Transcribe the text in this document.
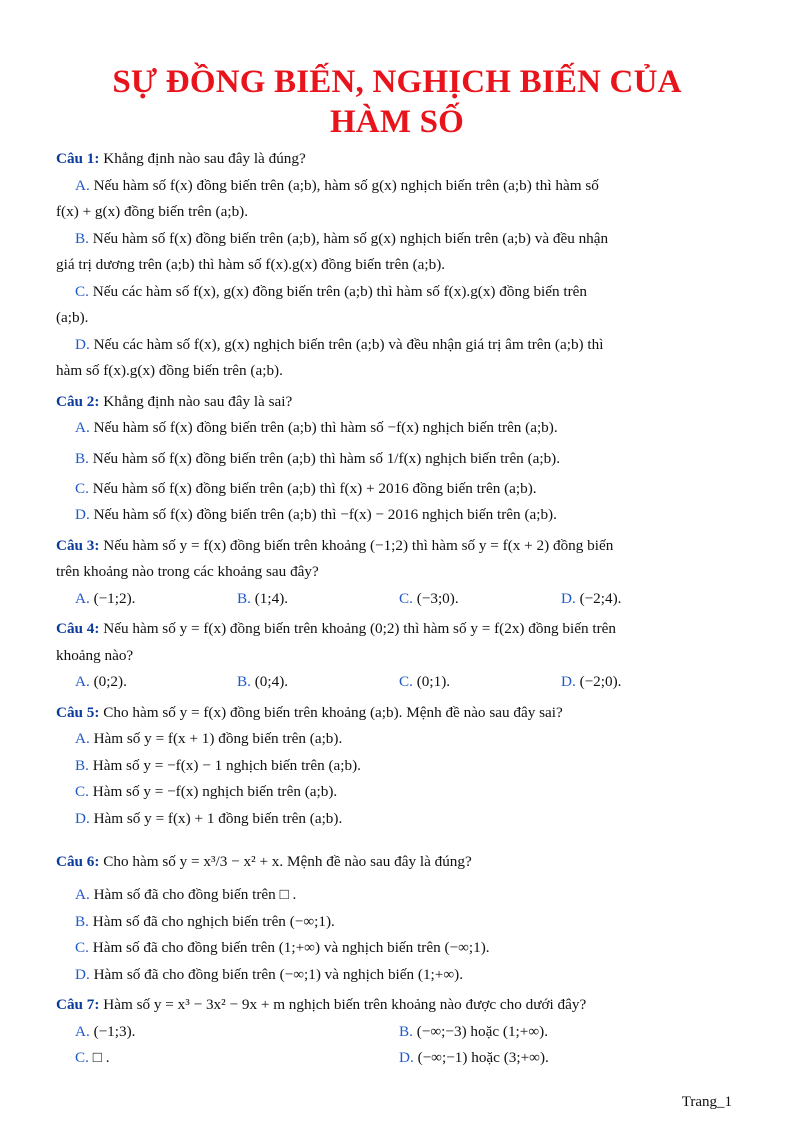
SỰ ĐỒNG BIẾN, NGHỊCH BIẾN CỦA
HÀM SỐ
Câu 1: Khẳng định nào sau đây là đúng?
A. Nếu hàm số f(x) đồng biến trên (a;b), hàm số g(x) nghịch biến trên (a;b) thì hàm số
f(x) + g(x) đồng biến trên (a;b).
B. Nếu hàm số f(x) đồng biến trên (a;b), hàm số g(x) nghịch biến trên (a;b) và đều nhận
giá trị dương trên (a;b) thì hàm số f(x).g(x) đồng biến trên (a;b).
C. Nếu các hàm số f(x), g(x) đồng biến trên (a;b) thì hàm số f(x).g(x) đồng biến trên
(a;b).
D. Nếu các hàm số f(x), g(x) nghịch biến trên (a;b) và đều nhận giá trị âm trên (a;b) thì
hàm số f(x).g(x) đồng biến trên (a;b).
Câu 2: Khẳng định nào sau đây là sai?
A. Nếu hàm số f(x) đồng biến trên (a;b) thì hàm số −f(x) nghịch biến trên (a;b).
B. Nếu hàm số f(x) đồng biến trên (a;b) thì hàm số 1/f(x) nghịch biến trên (a;b).
C. Nếu hàm số f(x) đồng biến trên (a;b) thì f(x) + 2016 đồng biến trên (a;b).
D. Nếu hàm số f(x) đồng biến trên (a;b) thì −f(x) − 2016 nghịch biến trên (a;b).
Câu 3: Nếu hàm số y = f(x) đồng biến trên khoảng (−1;2) thì hàm số y = f(x + 2) đồng biến
trên khoảng nào trong các khoảng sau đây?
A. (−1;2).	B. (1;4).	C. (−3;0).	D. (−2;4).
Câu 4: Nếu hàm số y = f(x) đồng biến trên khoảng (0;2) thì hàm số y = f(2x) đồng biến trên
khoảng nào?
A. (0;2).	B. (0;4).	C. (0;1).	D. (−2;0).
Câu 5: Cho hàm số y = f(x) đồng biến trên khoảng (a;b). Mệnh đề nào sau đây sai?
A. Hàm số y = f(x + 1) đồng biến trên (a;b).
B. Hàm số y = −f(x) − 1 nghịch biến trên (a;b).
C. Hàm số y = −f(x) nghịch biến trên (a;b).
D. Hàm số y = f(x) + 1 đồng biến trên (a;b).
Câu 6: Cho hàm số y = x³/3 − x² + x. Mệnh đề nào sau đây là đúng?
A. Hàm số đã cho đồng biến trên □ .
B. Hàm số đã cho nghịch biến trên (−∞;1).
C. Hàm số đã cho đồng biến trên (1;+∞) và nghịch biến trên (−∞;1).
D. Hàm số đã cho đồng biến trên (−∞;1) và nghịch biến (1;+∞).
Câu 7: Hàm số y = x³ − 3x² − 9x + m nghịch biến trên khoảng nào được cho dưới đây?
A. (−1;3).	B. (−∞;−3) hoặc (1;+∞).
C. □ .	D. (−∞;−1) hoặc (3;+∞).
Trang_1
